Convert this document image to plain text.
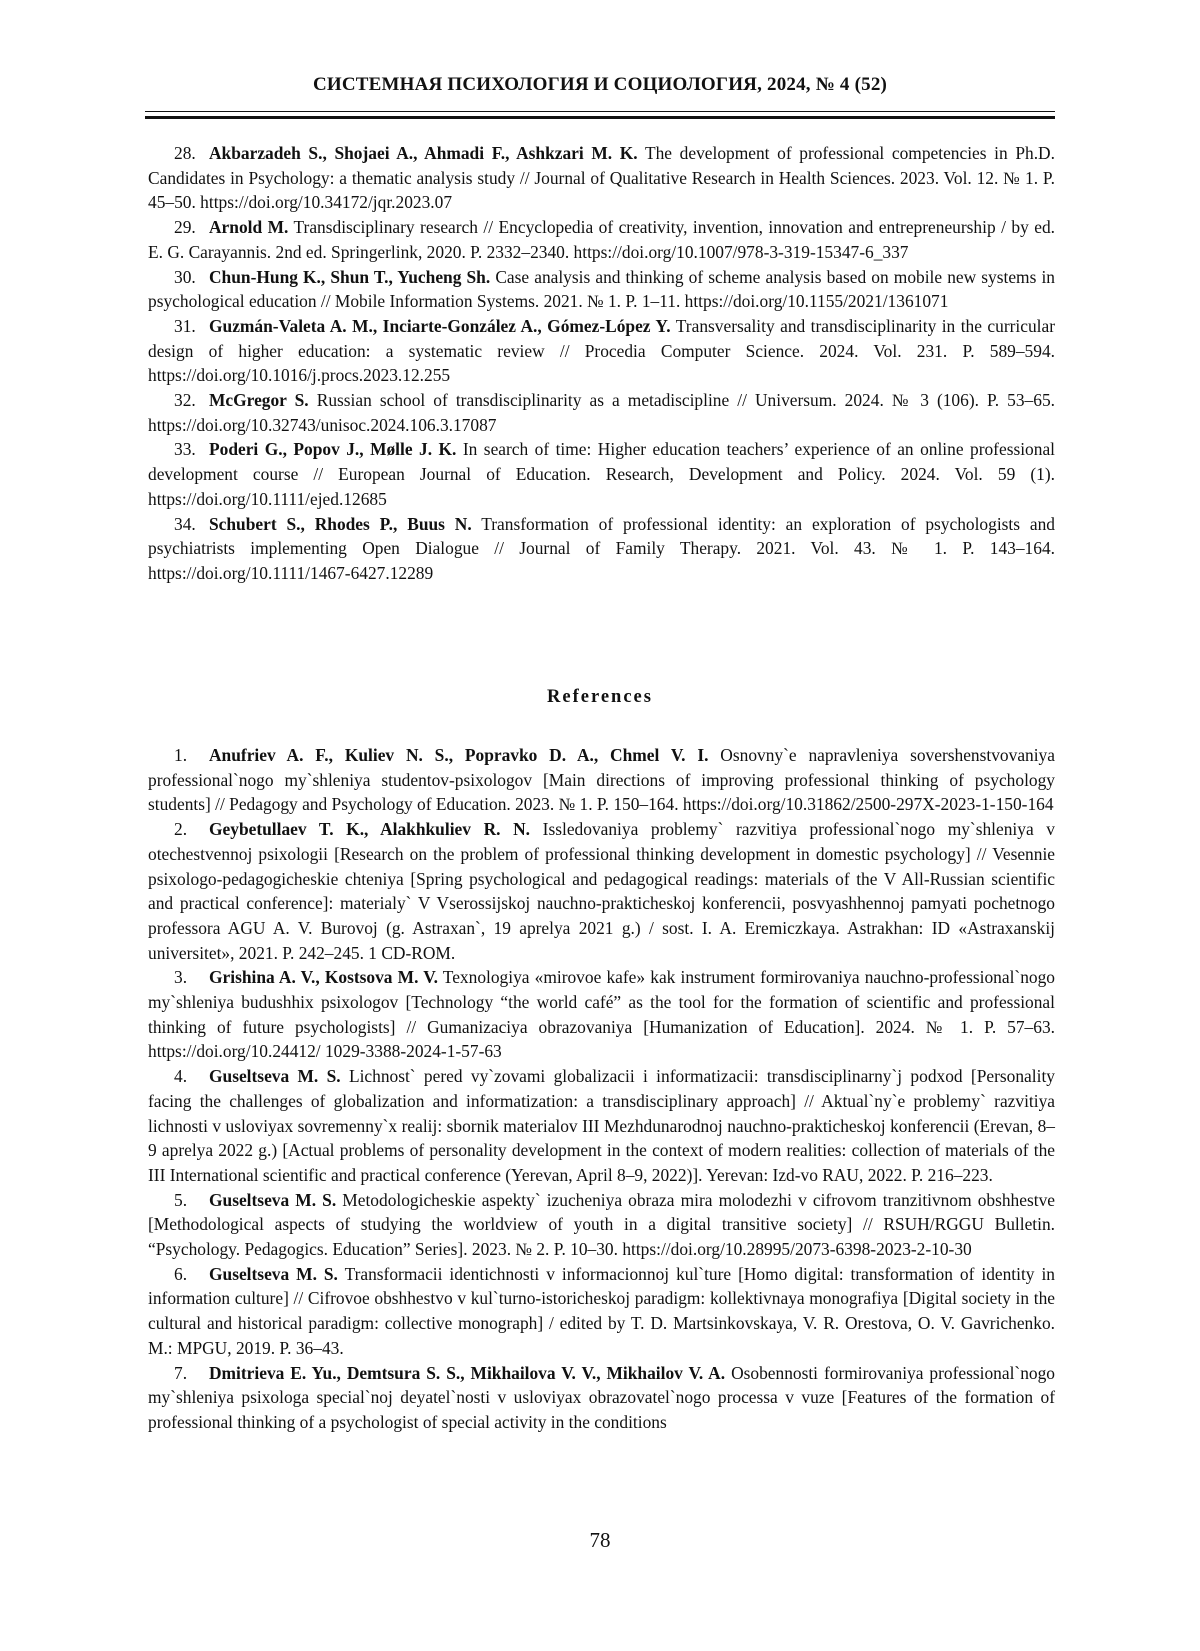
СИСТЕМНАЯ ПСИХОЛОГИЯ И СОЦИОЛОГИЯ, 2024, № 4 (52)

28. Akbarzadeh S., Shojaei A., Ahmadi F., Ashkzari M. K. The development of professional competencies in Ph.D. Candidates in Psychology: a thematic analysis study // Journal of Qualitative Research in Health Sciences. 2023. Vol. 12. № 1. P. 45–50. https://doi.org/10.34172/jqr.2023.07

29. Arnold M. Transdisciplinary research // Encyclopedia of creativity, invention, innovation and entrepreneurship / by ed. E. G. Carayannis. 2nd ed. Springerlink, 2020. P. 2332–2340. https://doi.org/10.1007/978-3-319-15347-6_337

30. Chun-Hung K., Shun T., Yucheng Sh. Case analysis and thinking of scheme analysis based on mobile new systems in psychological education // Mobile Information Systems. 2021. № 1. P. 1–11. https://doi.org/10.1155/2021/1361071

31. Guzmán-Valeta A. M., Inciarte-González A., Gómez-López Y. Transversality and transdisciplinarity in the curricular design of higher education: a systematic review // Procedia Computer Science. 2024. Vol. 231. P. 589–594. https://doi.org/10.1016/j.procs.2023.12.255

32. McGregor S. Russian school of transdisciplinarity as a metadiscipline // Universum. 2024. № 3 (106). P. 53–65. https://doi.org/10.32743/unisoc.2024.106.3.17087

33. Poderi G., Popov J., Mølle J. K. In search of time: Higher education teachers’ experience of an online professional development course // European Journal of Education. Research, Development and Policy. 2024. Vol. 59 (1). https://doi.org/10.1111/ejed.12685

34. Schubert S., Rhodes P., Buus N. Transformation of professional identity: an exploration of psychologists and psychiatrists implementing Open Dialogue // Journal of Family Therapy. 2021. Vol. 43. № 1. P. 143–164. https://doi.org/10.1111/1467-6427.12289

References

1. Anufriev A. F., Kuliev N. S., Popravko D. A., Chmel V. I. Osnovny`e napravleniya sovershenstvovaniya professional`nogo my`shleniya studentov-psixologov [Main directions of improving professional thinking of psychology students] // Pedagogy and Psychology of Education. 2023. № 1. P. 150–164. https://doi.org/10.31862/2500-297X-2023-1-150-164

2. Geybetullaev T. K., Alakhkuliev R. N. Issledovaniya problemy` razvitiya professional`nogo my`shleniya v otechestvennoj psixologii [Research on the problem of professional thinking development in domestic psychology] // Vesennie psixologo-pedagogicheskie chteniya [Spring psychological and pedagogical readings: materials of the V All-Russian scientific and practical conference]: materialy` V Vserossijskoj nauchno-prakticheskoj konferencii, posvyashhennoj pamyati pochetnogo professora AGU A. V. Burovoj (g. Astraxan`, 19 aprelya 2021 g.) / sost. I. A. Eremiczkaya. Astrakhan: ID «Astraxanskij universitet», 2021. P. 242–245. 1 CD-ROM.

3. Grishina A. V., Kostsova M. V. Texnologiya «mirovoe kafe» kak instrument formirovaniya nauchno-professional`nogo my`shleniya budushhix psixologov [Technology “the world café” as the tool for the formation of scientific and professional thinking of future psychologists] // Gumanizaciya obrazovaniya [Humanization of Education]. 2024. № 1. P. 57–63. https://doi.org/10.24412/ 1029-3388-2024-1-57-63

4. Guseltseva M. S. Lichnost` pered vy`zovami globalizacii i informatizacii: transdisciplinarny`j podxod [Personality facing the challenges of globalization and informatization: a transdisciplinary approach] // Aktual`ny`e problemy` razvitiya lichnosti v usloviyax sovremenny`x realij: sbornik materialov III Mezhdunarodnoj nauchno-prakticheskoj konferencii (Erevan, 8–9 aprelya 2022 g.) [Actual problems of personality development in the context of modern realities: collection of materials of the III International scientific and practical conference (Yerevan, April 8–9, 2022)]. Yerevan: Izd-vo RAU, 2022. P. 216–223.

5. Guseltseva M. S. Metodologicheskie aspekty` izucheniya obraza mira molodezhi v cifrovom tranzitivnom obshhestve [Methodological aspects of studying the worldview of youth in a digital transitive society] // RSUH/RGGU Bulletin. “Psychology. Pedagogics. Education” Series]. 2023. № 2. P. 10–30. https://doi.org/10.28995/2073-6398-2023-2-10-30

6. Guseltseva M. S. Transformacii identichnosti v informacionnoj kul`ture [Homo digital: transformation of identity in information culture] // Cifrovoe obshhestvo v kul`turno-istoricheskoj paradigm: kollektivnaya monografiya [Digital society in the cultural and historical paradigm: collective monograph] / edited by T. D. Martsinkovskaya, V. R. Orestova, O. V. Gavrichenko. M.: MPGU, 2019. P. 36–43.

7. Dmitrieva E. Yu., Demtsura S. S., Mikhailova V. V., Mikhailov V. A. Osobennosti formirovaniya professional`nogo my`shleniya psixologa special`noj deyatel`nosti v usloviyax obrazovatel`nogo processa v vuze [Features of the formation of professional thinking of a psychologist of special activity in the conditions

78
